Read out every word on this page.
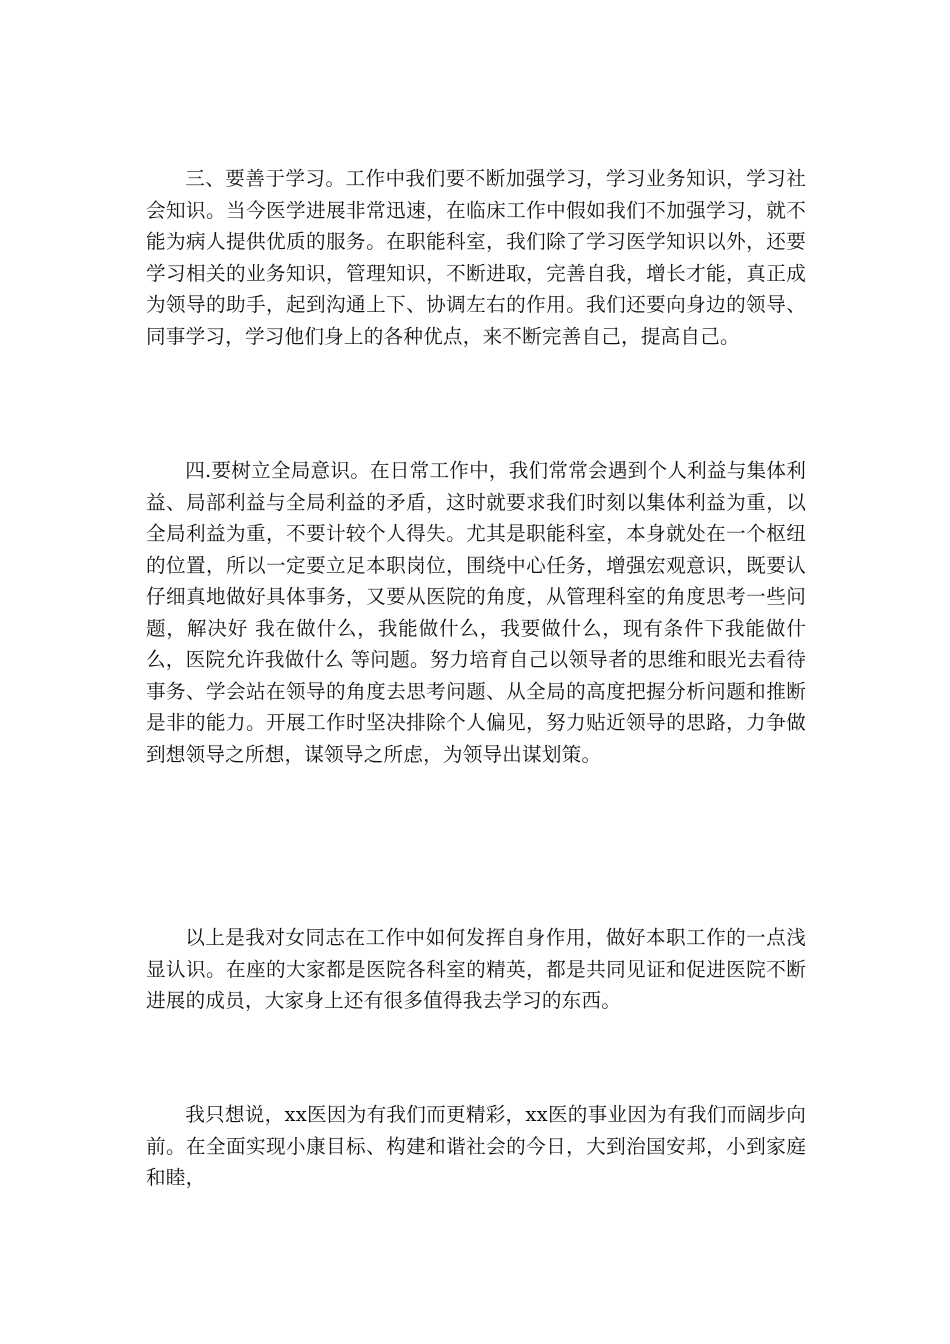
三、要善于学习。工作中我们要不断加强学习，学习业务知识，学习社会知识。当今医学进展非常迅速，在临床工作中假如我们不加强学习，就不能为病人提供优质的服务。在职能科室，我们除了学习医学知识以外，还要学习相关的业务知识，管理知识，不断进取，完善自我，增长才能，真正成为领导的助手，起到沟通上下、协调左右的作用。我们还要向身边的领导、同事学习，学习他们身上的各种优点，来不断完善自己，提高自己。

四.要树立全局意识。在日常工作中，我们常常会遇到个人利益与集体利益、局部利益与全局利益的矛盾，这时就要求我们时刻以集体利益为重，以全局利益为重，不要计较个人得失。尤其是职能科室，本身就处在一个枢纽的位置，所以一定要立足本职岗位，围绕中心任务，增强宏观意识，既要认仔细真地做好具体事务，又要从医院的角度，从管理科室的角度思考一些问题，解决好 我在做什么，我能做什么，我要做什么，现有条件下我能做什么，医院允许我做什么 等问题。努力培育自己以领导者的思维和眼光去看待事务、学会站在领导的角度去思考问题、从全局的高度把握分析问题和推断是非的能力。开展工作时坚决排除个人偏见，努力贴近领导的思路，力争做到想领导之所想，谋领导之所虑，为领导出谋划策。

以上是我对女同志在工作中如何发挥自身作用，做好本职工作的一点浅显认识。在座的大家都是医院各科室的精英，都是共同见证和促进医院不断进展的成员，大家身上还有很多值得我去学习的东西。

我只想说，xx医因为有我们而更精彩，xx医的事业因为有我们而阔步向前。在全面实现小康目标、构建和谐社会的今日，大到治国安邦，小到家庭和睦，
